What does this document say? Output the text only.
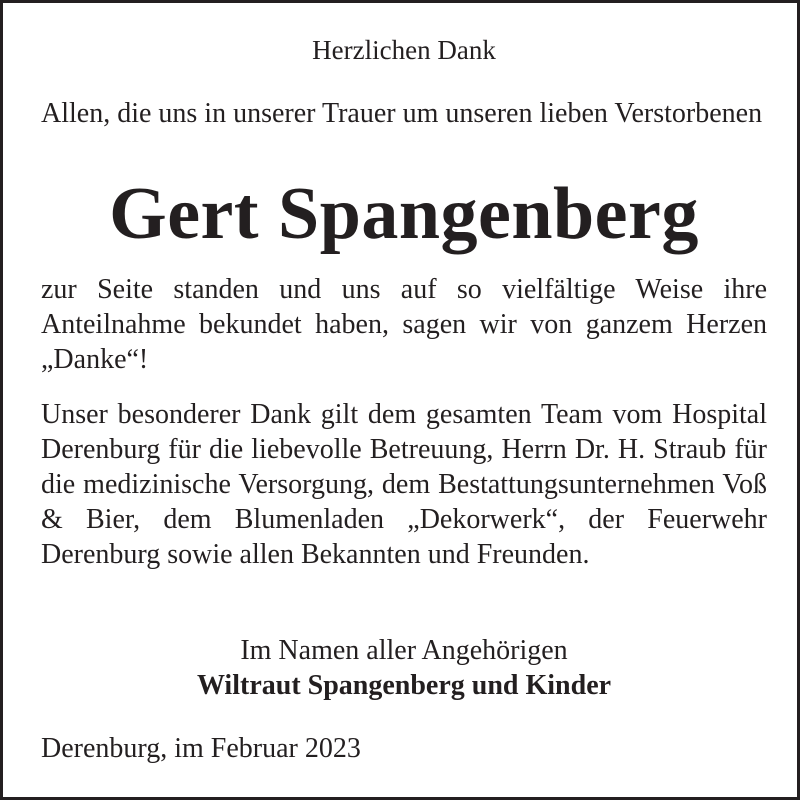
Herzlichen Dank
Allen, die uns in unserer Trauer um unseren lieben Verstorbenen
Gert Spangenberg
zur Seite standen und uns auf so vielfältige Weise ihre Anteilnahme bekundet haben, sagen wir von ganzem Herzen „Danke“!
Unser besonderer Dank gilt dem gesamten Team vom Hospital Derenburg für die liebevolle Betreuung, Herrn Dr. H. Straub für die medizinische Versorgung, dem Bestattungsunternehmen Voß & Bier, dem Blumenladen „Dekorwerk“, der Feuerwehr Derenburg sowie allen Bekannten und Freunden.
Im Namen aller Angehörigen
Wiltraut Spangenberg und Kinder
Derenburg, im Februar 2023
